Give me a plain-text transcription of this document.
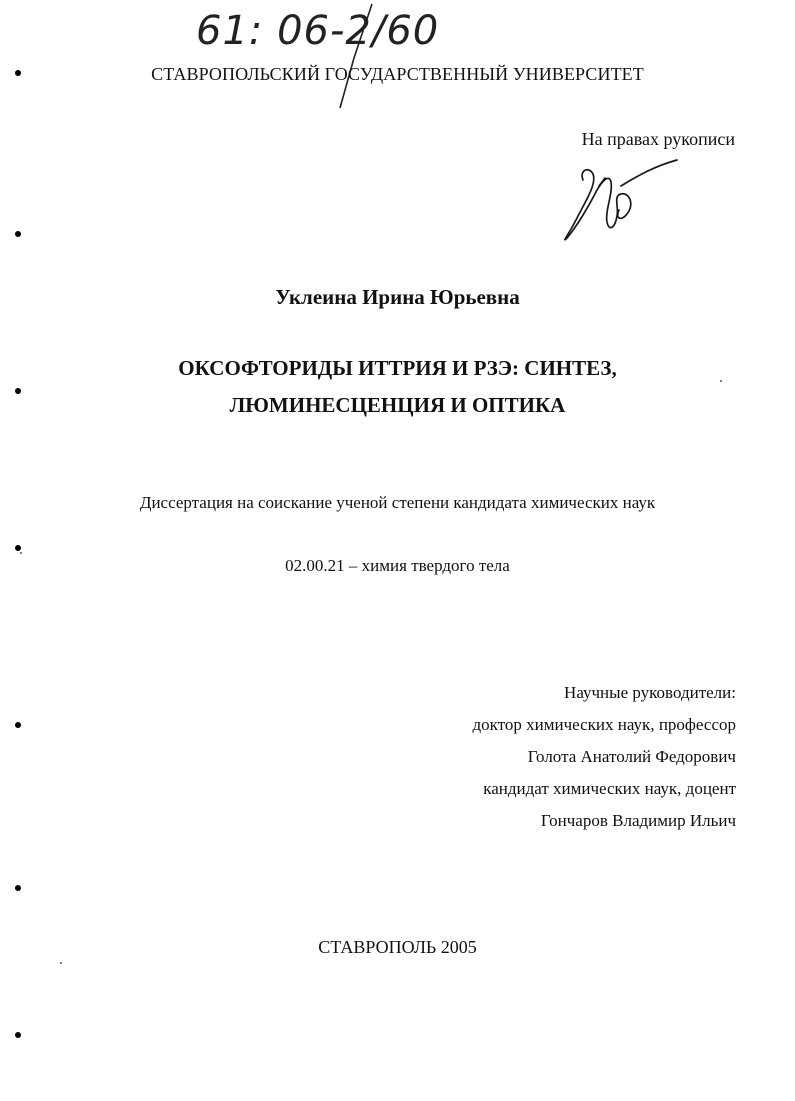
61: 06-2/60
СТАВРОПОЛЬСКИЙ ГОСУДАРСТВЕННЫЙ УНИВЕРСИТЕТ
На правах рукописи
Уклеина Ирина Юрьевна
ОКСОФТОРИДЫ ИТТРИЯ И РЗЭ: СИНТЕЗ,
ЛЮМИНЕСЦЕНЦИЯ И ОПТИКА
Диссертация на соискание ученой степени кандидата химических наук
02.00.21 – химия твердого тела
Научные руководители:
доктор химических наук, профессор
Голота Анатолий Федорович
кандидат химических наук, доцент
Гончаров Владимир Ильич
СТАВРОПОЛЬ 2005
